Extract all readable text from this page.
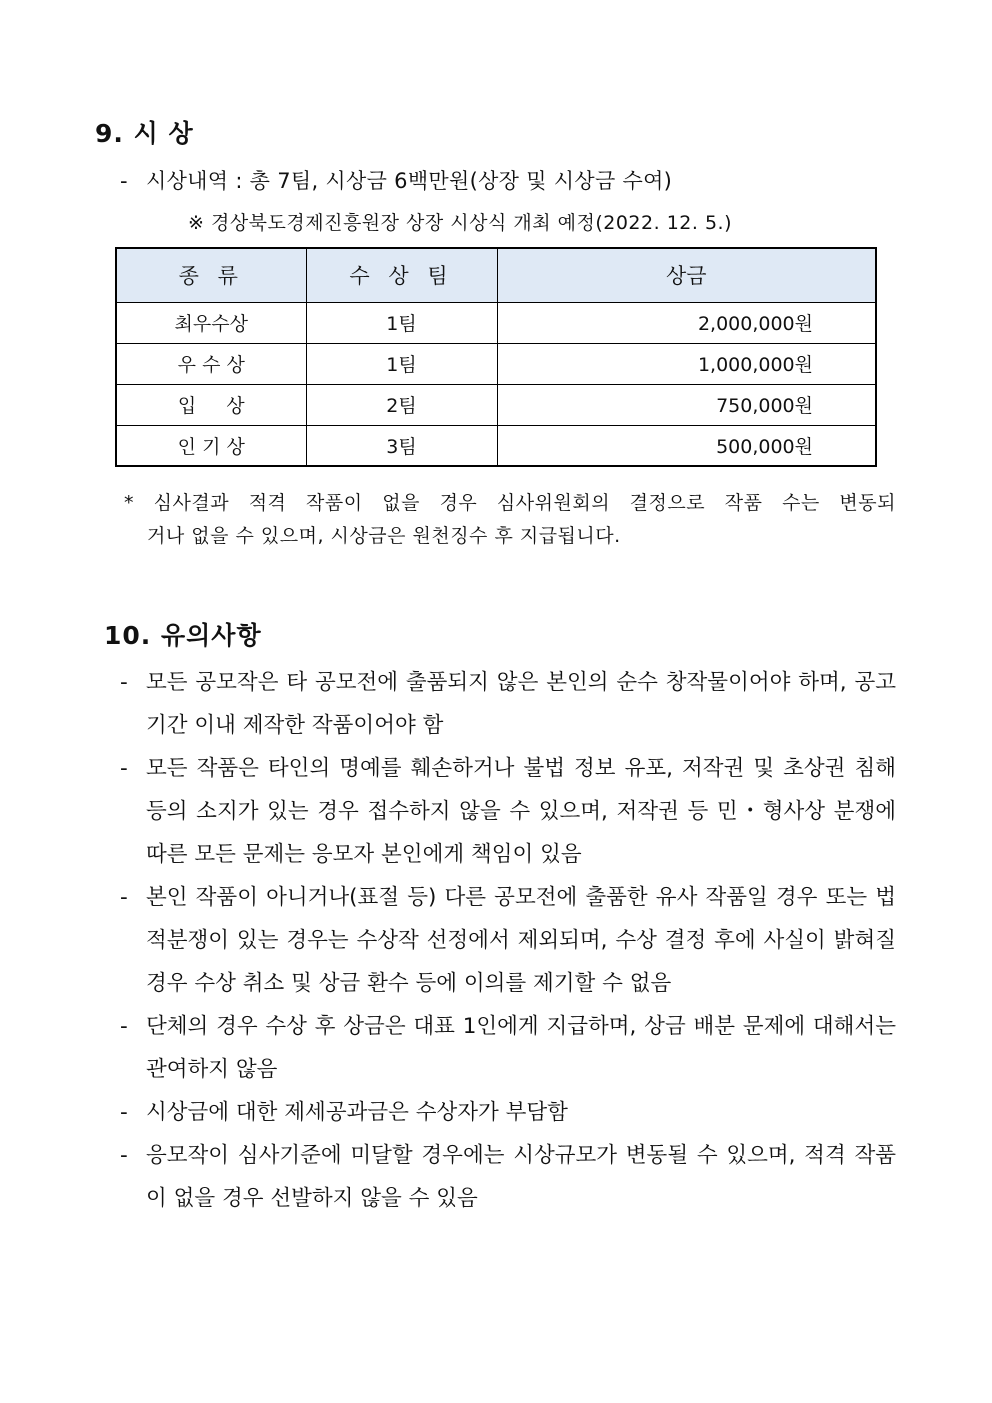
9. 시 상
- 시상내역 : 총 7팀, 시상금 6백만원(상장 및 시상금 수여)
※ 경상북도경제진흥원장 상장 시상식 개최 예정(2022. 12. 5.)
종 류	수 상 팀	상금
최우수상	1팀	2,000,000원
우 수 상	1팀	1,000,000원
입 상	2팀	750,000원
인 기 상	3팀	500,000원
* 심사결과 적격 작품이 없을 경우 심사위원회의 결정으로 작품 수는 변동되
거나 없을 수 있으며, 시상금은 원천징수 후 지급됩니다.
10. 유의사항
- 모든 공모작은 타 공모전에 출품되지 않은 본인의 순수 창작물이어야 하며, 공고기간 이내 제작한 작품이어야 함
- 모든 작품은 타인의 명예를 훼손하거나 불법 정보 유포, 저작권 및 초상권 침해 등의 소지가 있는 경우 접수하지 않을 수 있으며, 저작권 등 민・형사상 분쟁에 따른 모든 문제는 응모자 본인에게 책임이 있음
- 본인 작품이 아니거나(표절 등) 다른 공모전에 출품한 유사 작품일 경우 또는 법적분쟁이 있는 경우는 수상작 선정에서 제외되며, 수상 결정 후에 사실이 밝혀질 경우 수상 취소 및 상금 환수 등에 이의를 제기할 수 없음
- 단체의 경우 수상 후 상금은 대표 1인에게 지급하며, 상금 배분 문제에 대해서는 관여하지 않음
- 시상금에 대한 제세공과금은 수상자가 부담함
- 응모작이 심사기준에 미달할 경우에는 시상규모가 변동될 수 있으며, 적격 작품이 없을 경우 선발하지 않을 수 있음
